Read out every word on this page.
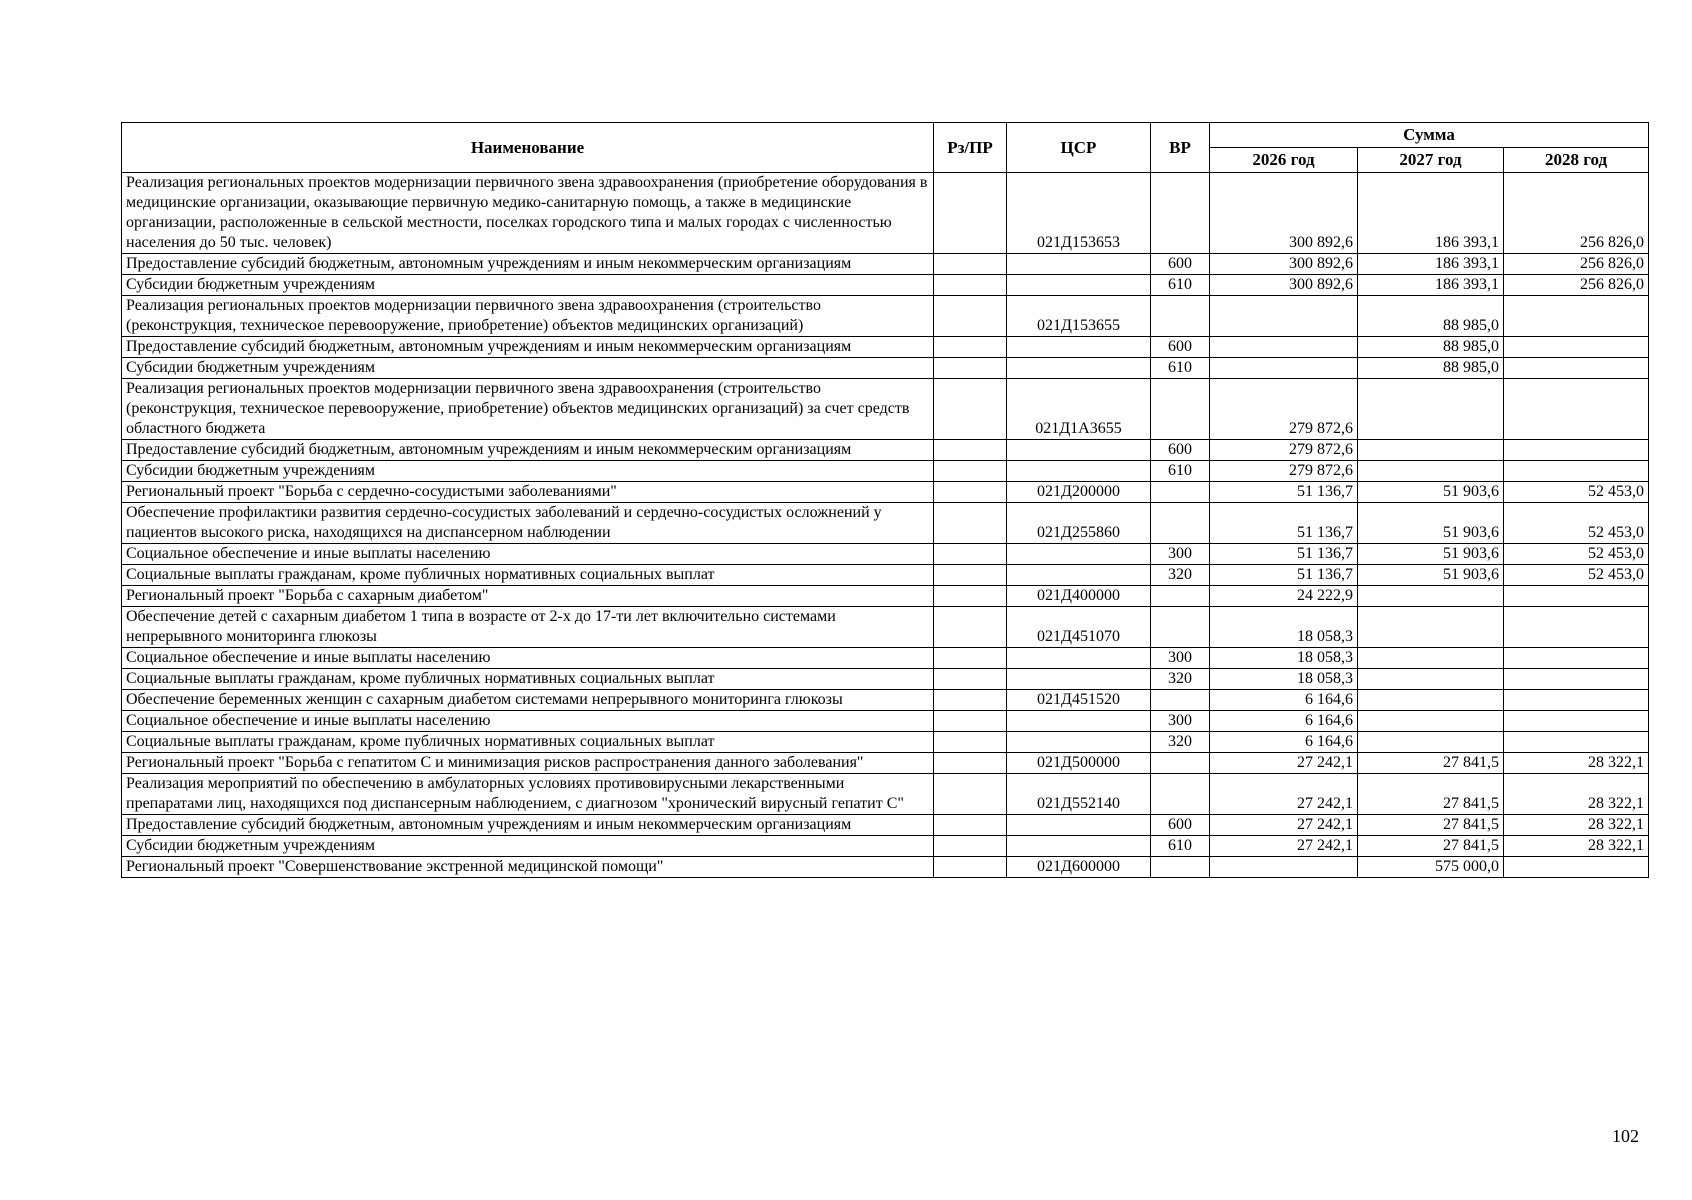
Наименование	Рз/ПР	ЦСР	ВР	Сумма		
				2026 год	2027 год	2028 год
Реализация региональных проектов модернизации первичного звена здравоохранения (приобретение оборудования в медицинские организации, оказывающие первичную медико-санитарную помощь, а также в медицинские организации, расположенные в сельской местности, поселках городского типа и малых городах с численностью населения до 50 тыс. человек)		021Д153653		300 892,6	186 393,1	256 826,0
Предоставление субсидий бюджетным, автономным учреждениям и иным некоммерческим организациям			600	300 892,6	186 393,1	256 826,0
Субсидии бюджетным учреждениям			610	300 892,6	186 393,1	256 826,0
Реализация региональных проектов модернизации первичного звена здравоохранения (строительство (реконструкция, техническое перевооружение, приобретение) объектов медицинских организаций)		021Д153655			88 985,0	
Предоставление субсидий бюджетным, автономным учреждениям и иным некоммерческим организациям			600		88 985,0	
Субсидии бюджетным учреждениям			610		88 985,0	
Реализация региональных проектов модернизации первичного звена здравоохранения (строительство (реконструкция, техническое перевооружение, приобретение) объектов медицинских организаций) за счет средств областного бюджета		021Д1А3655		279 872,6		
Предоставление субсидий бюджетным, автономным учреждениям и иным некоммерческим организациям			600	279 872,6		
Субсидии бюджетным учреждениям			610	279 872,6		
Региональный проект "Борьба с сердечно-сосудистыми заболеваниями"		021Д200000		51 136,7	51 903,6	52 453,0
Обеспечение профилактики развития сердечно-сосудистых заболеваний и сердечно-сосудистых осложнений у пациентов высокого риска, находящихся на диспансерном наблюдении		021Д255860		51 136,7	51 903,6	52 453,0
Социальное обеспечение и иные выплаты населению			300	51 136,7	51 903,6	52 453,0
Социальные выплаты гражданам, кроме публичных нормативных социальных выплат			320	51 136,7	51 903,6	52 453,0
Региональный проект "Борьба с сахарным диабетом"		021Д400000		24 222,9		
Обеспечение детей с сахарным диабетом 1 типа в возрасте от 2-х до 17-ти лет включительно системами непрерывного мониторинга глюкозы		021Д451070		18 058,3		
Социальное обеспечение и иные выплаты населению			300	18 058,3		
Социальные выплаты гражданам, кроме публичных нормативных социальных выплат			320	18 058,3		
Обеспечение беременных женщин с сахарным диабетом системами непрерывного мониторинга глюкозы		021Д451520		6 164,6		
Социальное обеспечение и иные выплаты населению			300	6 164,6		
Социальные выплаты гражданам, кроме публичных нормативных социальных выплат			320	6 164,6		
Региональный проект "Борьба с гепатитом С и минимизация рисков распространения данного заболевания"		021Д500000		27 242,1	27 841,5	28 322,1
Реализация мероприятий по обеспечению в амбулаторных условиях противовирусными лекарственными препаратами лиц, находящихся под диспансерным наблюдением, с диагнозом "хронический вирусный гепатит С"		021Д552140		27 242,1	27 841,5	28 322,1
Предоставление субсидий бюджетным, автономным учреждениям и иным некоммерческим организациям			600	27 242,1	27 841,5	28 322,1
Субсидии бюджетным учреждениям			610	27 242,1	27 841,5	28 322,1
Региональный проект "Совершенствование экстренной медицинской помощи"		021Д600000			575 000,0	
102
